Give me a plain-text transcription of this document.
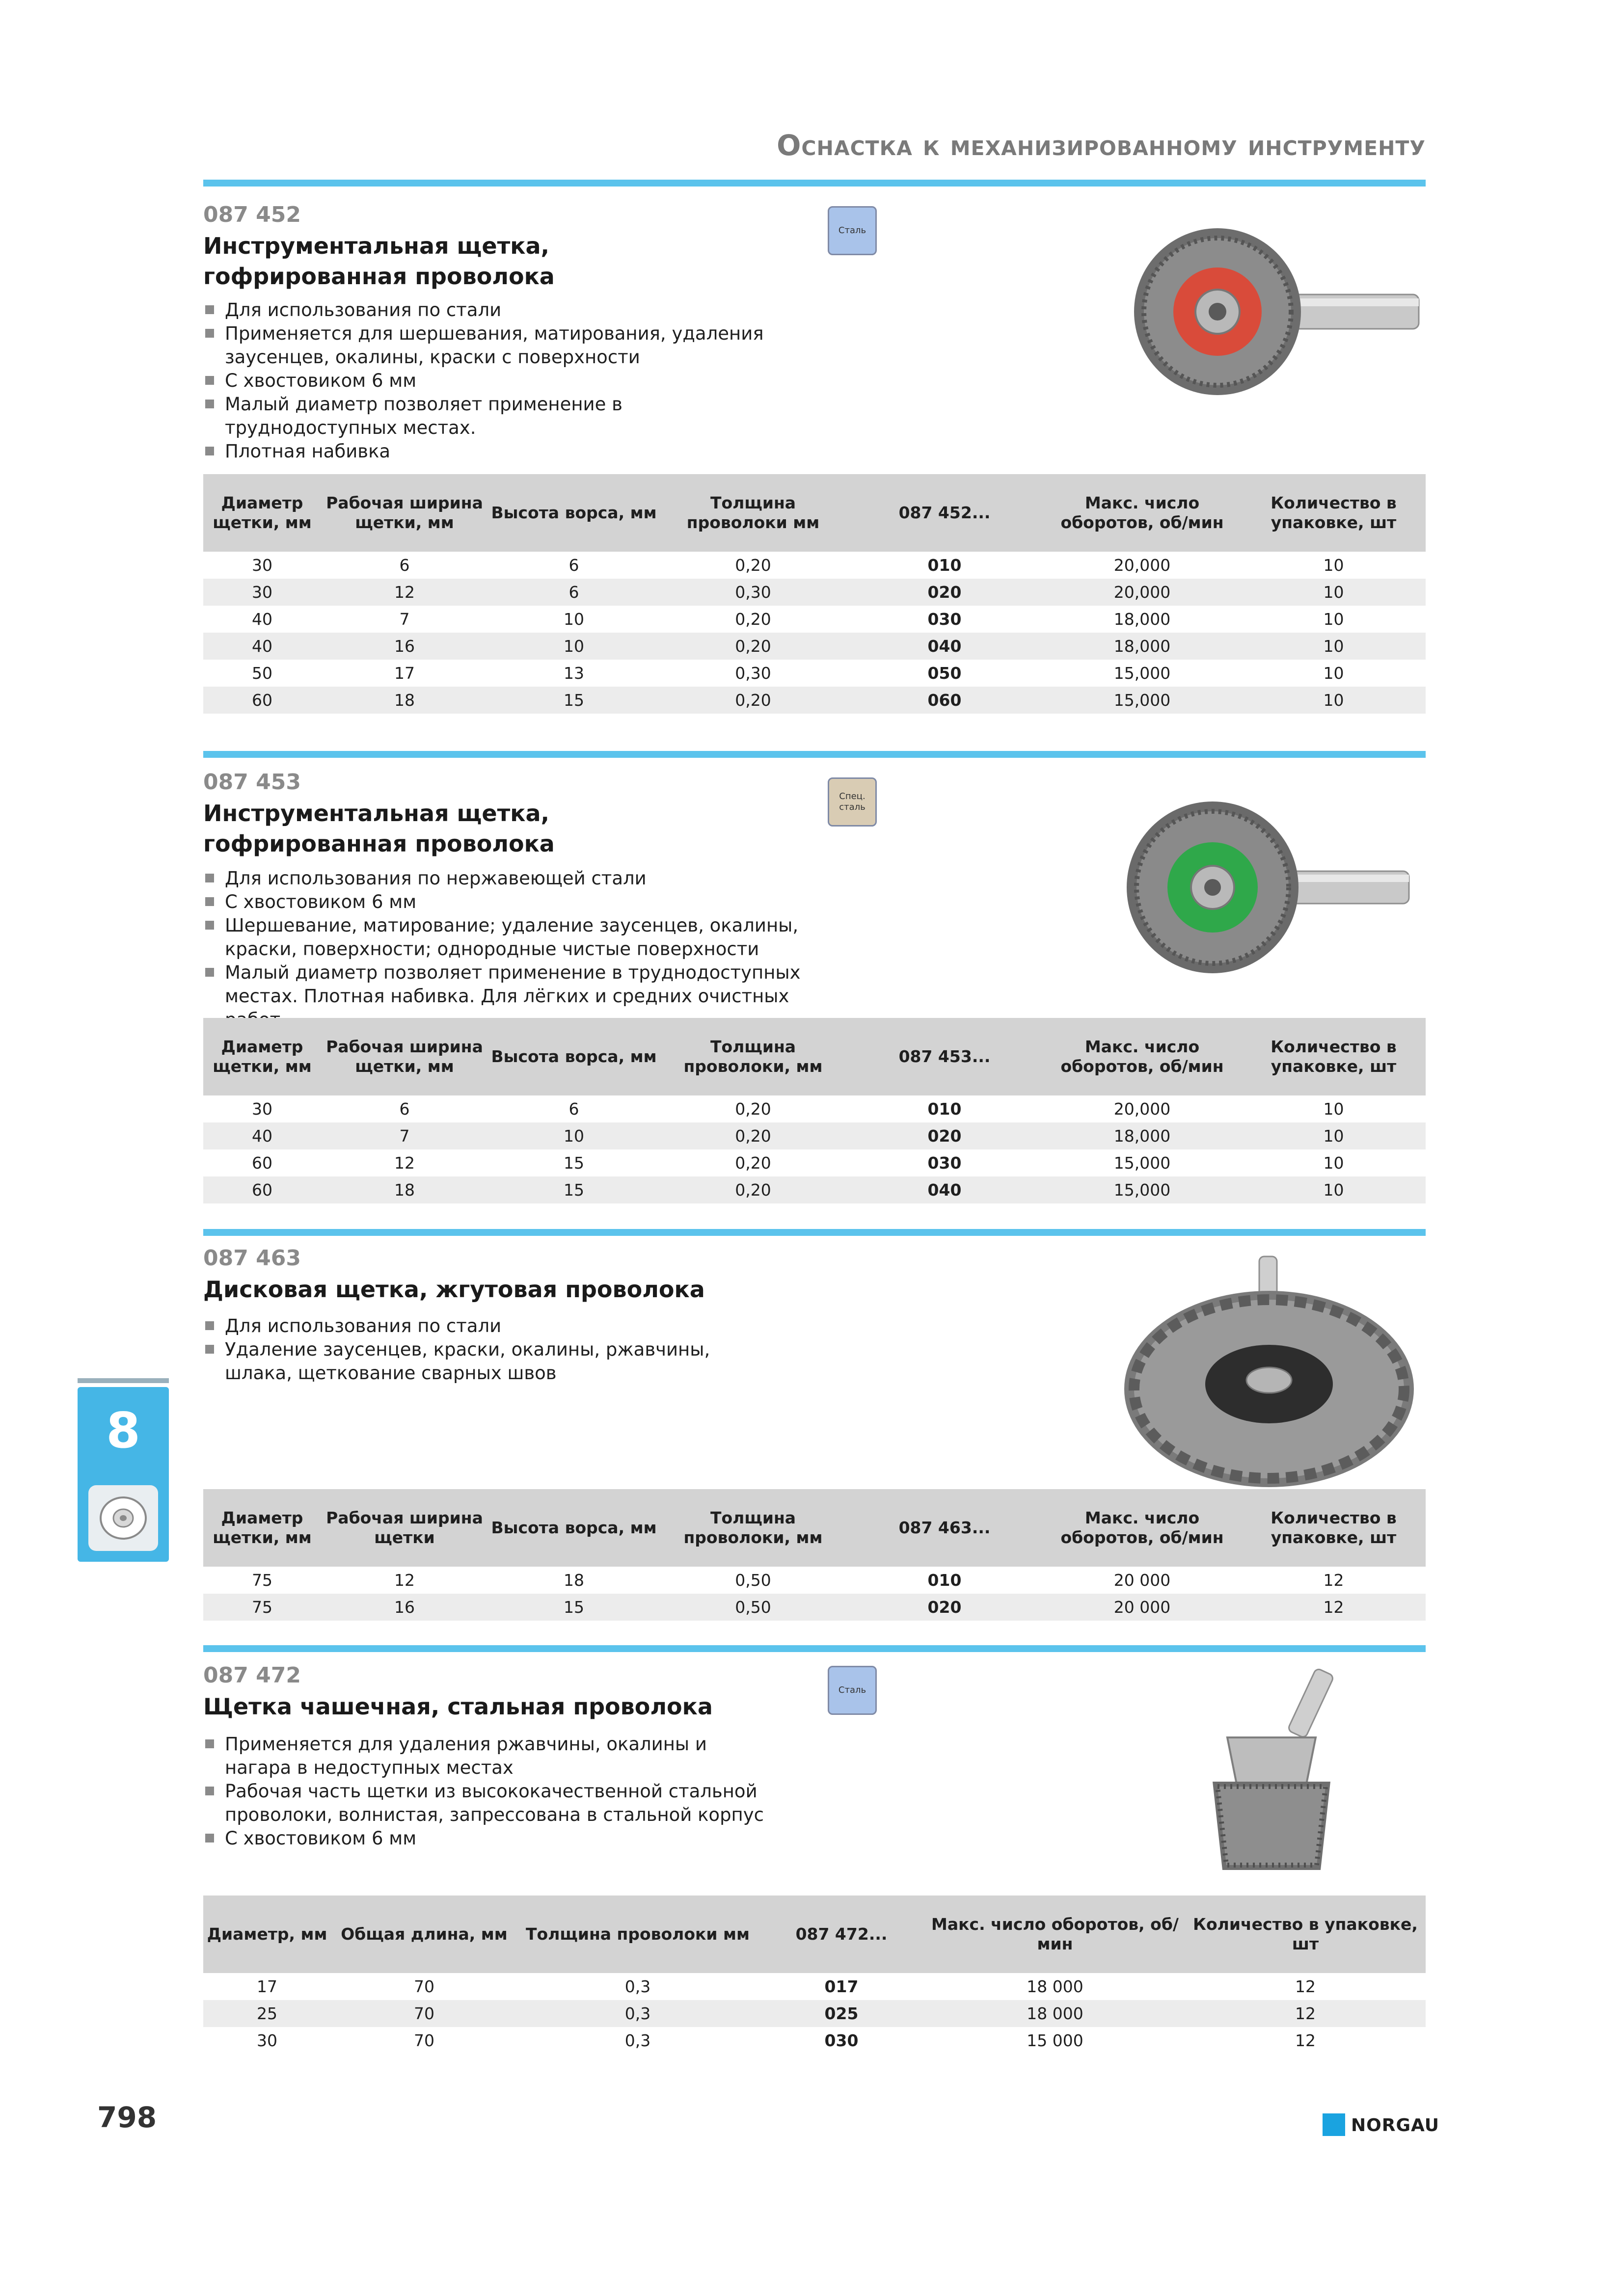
Оснастка к механизированному инструменту
087 452
Инструментальная щетка,
гофрированная проволока
Сталь
Для использования по стали
Применяется для шершевания, матирования, удаления заусенцев, окалины, краски с поверхности
С хвостовиком 6 мм
Малый диаметр позволяет применение в труднодоступных местах.
Плотная набивка
Диаметр щетки, мм	Рабочая ширина щетки, мм	Высота ворса, мм	Толщина проволоки мм	087 452...	Макс. число оборотов, об/мин	Количество в упаковке, шт
30	6	6	0,20	010	20,000	10
30	12	6	0,30	020	20,000	10
40	7	10	0,20	030	18,000	10
40	16	10	0,20	040	18,000	10
50	17	13	0,30	050	15,000	10
60	18	15	0,20	060	15,000	10
087 453
Инструментальная щетка,
гофрированная проволока
Спец. сталь
Для использования по нержавеющей стали
С хвостовиком 6 мм
Шершевание, матирование; удаление заусенцев, окалины, краски, поверхности; однородные чистые поверхности
Малый диаметр позволяет применение в труднодоступных местах. Плотная набивка. Для лёгких и средних очистных
Диаметр щетки, мм	Рабочая ширина щетки, мм	Высота ворса, мм	Толщина проволоки, мм	087 453...	Макс. число оборотов, об/мин	Количество в упаковке, шт
30	6	6	0,20	010	20,000	10
40	7	10	0,20	020	18,000	10
60	12	15	0,20	030	15,000	10
60	18	15	0,20	040	15,000	10
087 463
Дисковая щетка, жгутовая проволока
Для использования по стали
Удаление заусенцев, краски, окалины, ржавчины, шлака, щеткование сварных швов
Диаметр щетки, мм	Рабочая ширина щетки	Высота ворса, мм	Толщина проволоки, мм	087 463...	Макс. число оборотов, об/мин	Количество в упаковке, шт
75	12	18	0,50	010	20 000	12
75	16	15	0,50	020	20 000	12
087 472
Щетка чашечная, стальная проволока
Сталь
Применяется для удаления ржавчины, окалины и нагара в недоступных местах
Рабочая часть щетки из высококачественной стальной проволоки, волнистая, запрессована в стальной корпус
С хвостовиком 6 мм
Диаметр, мм	Общая длина, мм	Толщина проволоки мм	087 472...	Макс. число оборотов, об/мин	Количество в упаковке, шт
17	70	0,3	017	18 000	12
25	70	0,3	025	18 000	12
30	70	0,3	030	15 000	12
8
798	NORGAU
